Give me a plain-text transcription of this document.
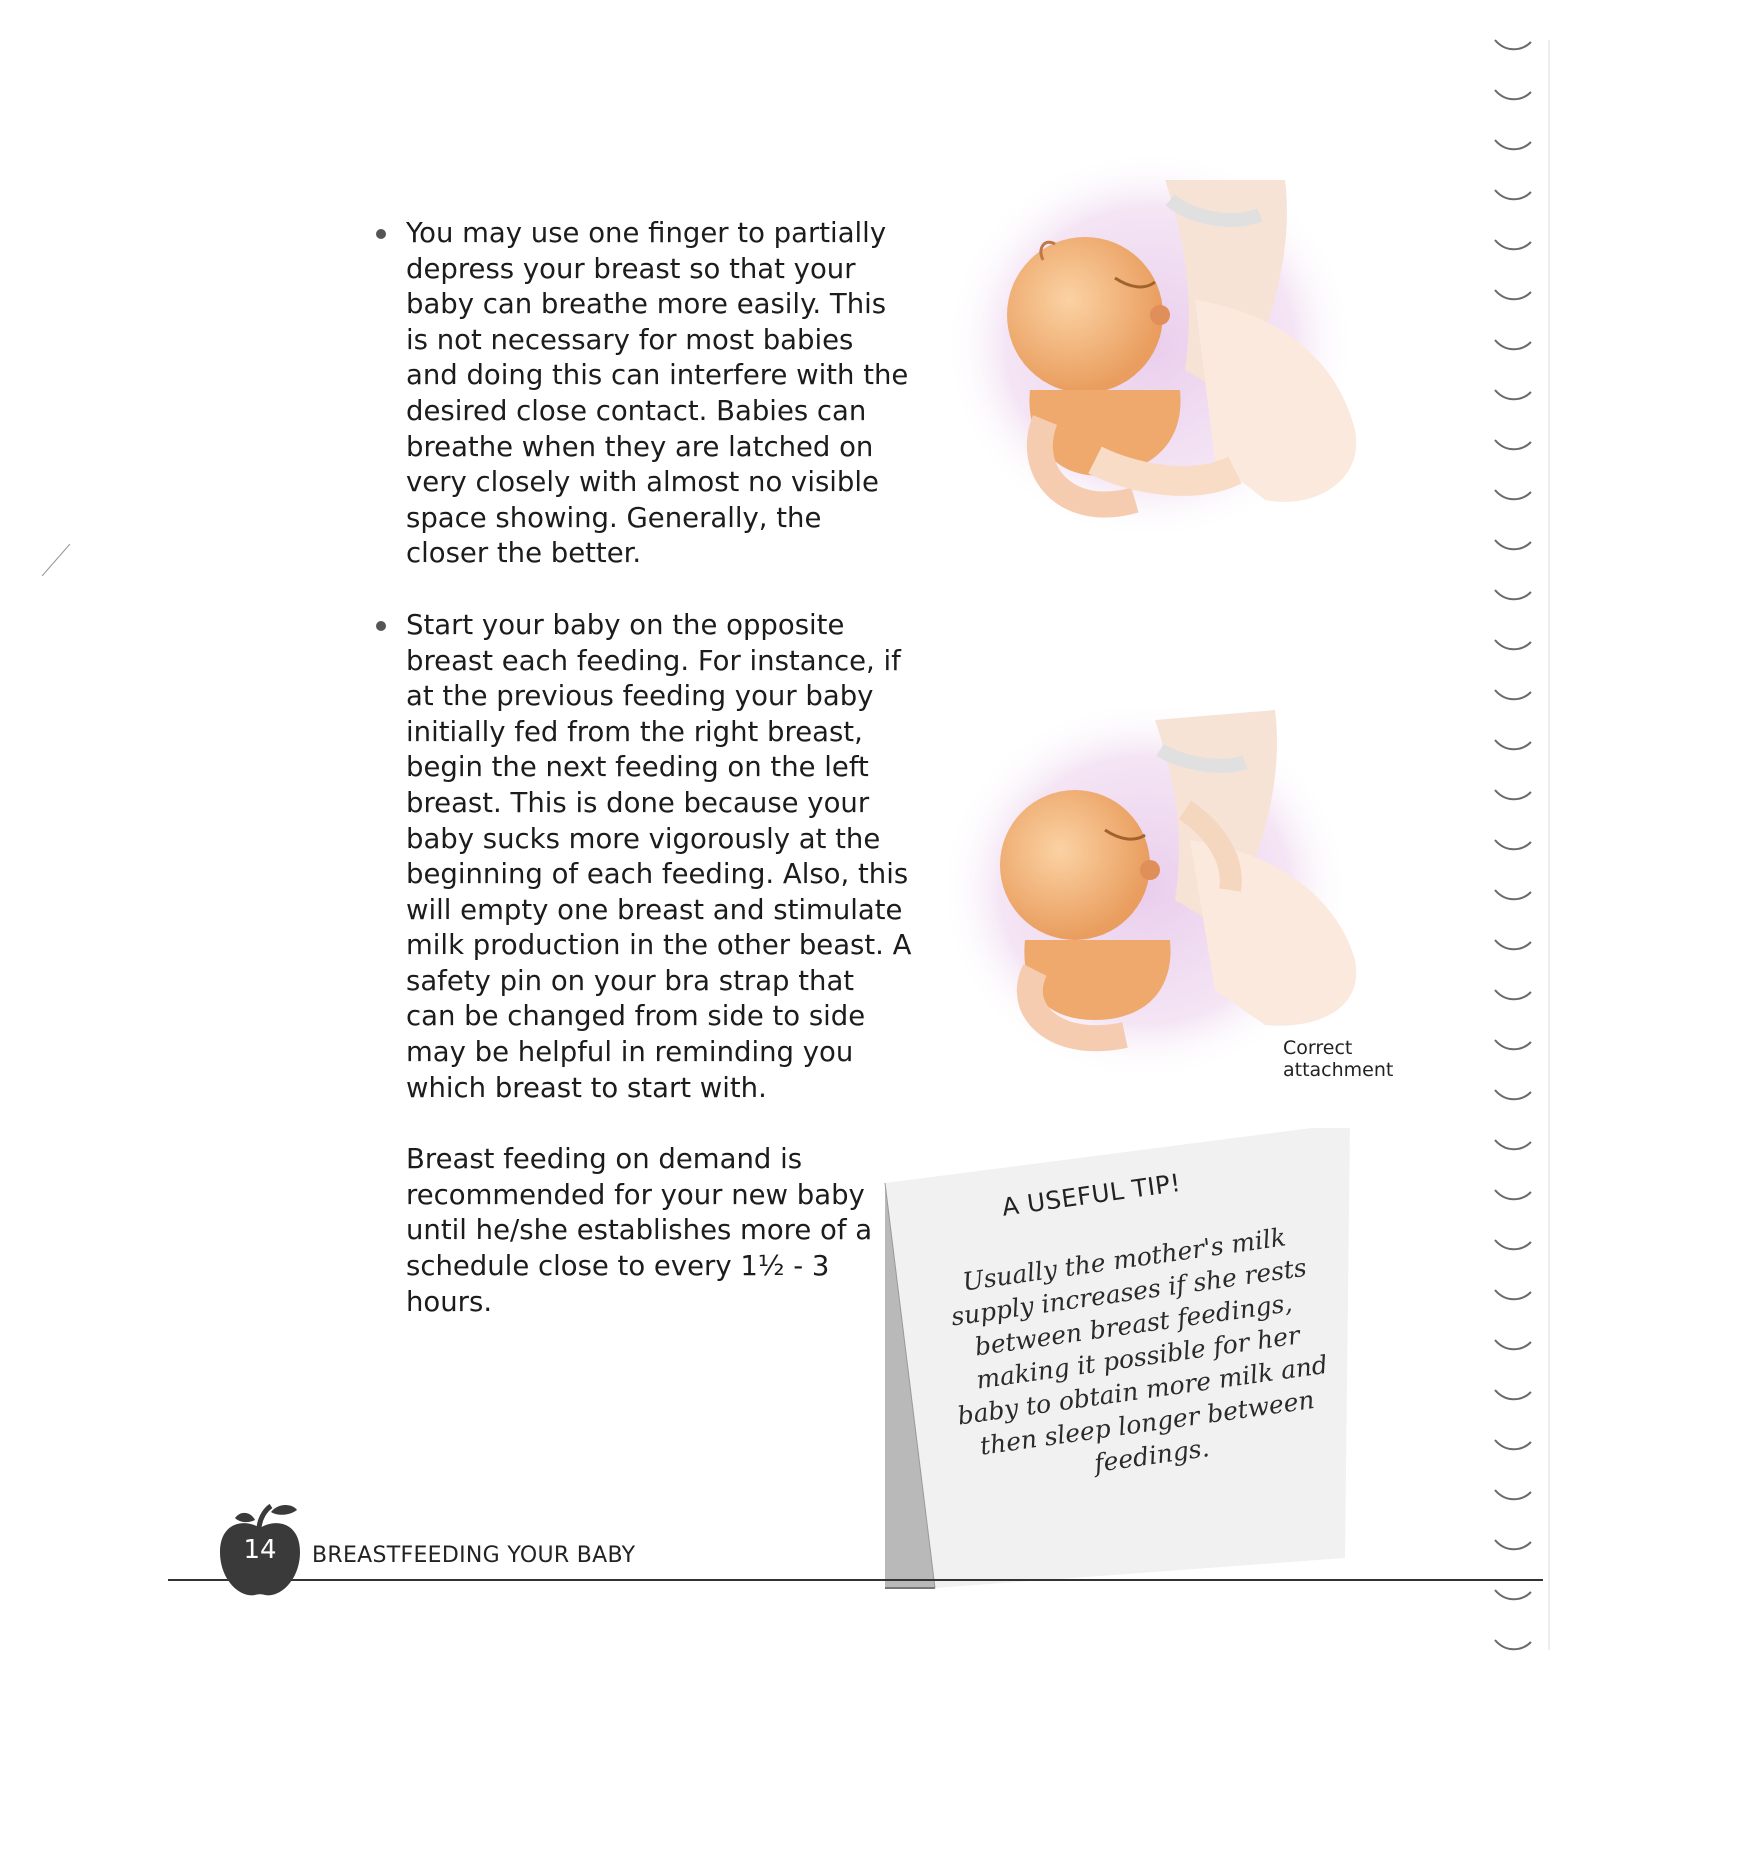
You may use one finger to partially depress your breast so that your baby can breathe more easily. This is not necessary for most babies and doing this can interfere with the desired close contact. Babies can breathe when they are latched on very closely with almost no visible space showing. Generally, the closer the better.
Start your baby on the opposite breast each feeding. For instance, if at the previous feeding your baby initially fed from the right breast, begin the next feeding on the left breast. This is done because your baby sucks more vigorously at the beginning of each feeding. Also, this will empty one breast and stimulate milk production in the other beast. A safety pin on your bra strap that can be changed from side to side may be helpful in reminding you which breast to start with.
Breast feeding on demand is recommended for your new baby until he/she establishes more of a schedule close to every 1½ - 3 hours.
Correct attachment
A USEFUL TIP!
Usually the mother's milk supply increases if she rests between breast feedings, making it possible for her baby to obtain more milk and then sleep longer between feedings.
14 BREASTFEEDING YOUR BABY
